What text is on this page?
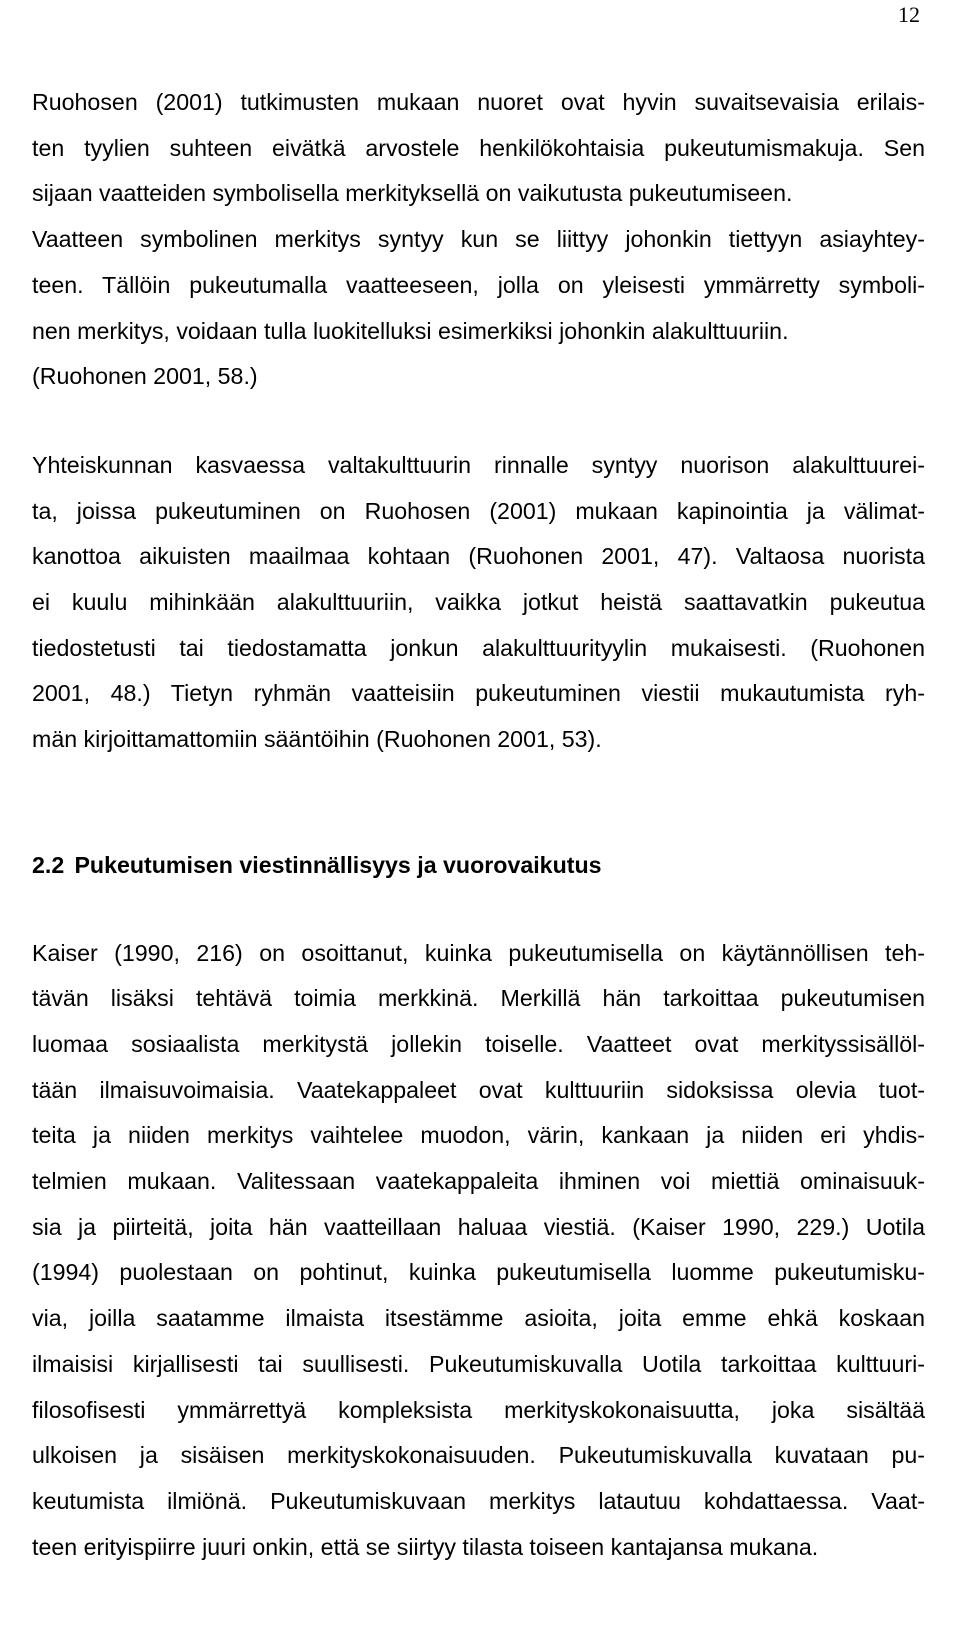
12
Ruohosen (2001) tutkimusten mukaan nuoret ovat hyvin suvaitsevaisia erilais-
ten tyylien suhteen eivätkä arvostele henkilökohtaisia pukeutumismakuja. Sen
sijaan vaatteiden symbolisella merkityksellä on vaikutusta pukeutumiseen.
Vaatteen symbolinen merkitys syntyy kun se liittyy johonkin tiettyyn asiayhtey-
teen. Tällöin pukeutumalla vaatteeseen, jolla on yleisesti ymmärretty symboli-
nen merkitys, voidaan tulla luokitelluksi esimerkiksi johonkin alakulttuuriin.
(Ruohonen 2001, 58.)
Yhteiskunnan kasvaessa valtakulttuurin rinnalle syntyy nuorison alakulttuurei-
ta, joissa pukeutuminen on Ruohosen (2001) mukaan kapinointia ja välimat-
kanottoa aikuisten maailmaa kohtaan (Ruohonen 2001, 47). Valtaosa nuorista
ei kuulu mihinkään alakulttuuriin, vaikka jotkut heistä saattavatkin pukeutua
tiedostetusti tai tiedostamatta jonkun alakulttuurityylin mukaisesti. (Ruohonen
2001, 48.) Tietyn ryhmän vaatteisiin pukeutuminen viestii mukautumista ryh-
män kirjoittamattomiin sääntöihin (Ruohonen 2001, 53).
2.2 Pukeutumisen viestinnällisyys ja vuorovaikutus
Kaiser (1990, 216) on osoittanut, kuinka pukeutumisella on käytännöllisen teh-
tävän lisäksi tehtävä toimia merkkinä. Merkillä hän tarkoittaa pukeutumisen
luomaa sosiaalista merkitystä jollekin toiselle. Vaatteet ovat merkityssisällöl-
tään ilmaisuvoimaisia. Vaatekappaleet ovat kulttuuriin sidoksissa olevia tuot-
teita ja niiden merkitys vaihtelee muodon, värin, kankaan ja niiden eri yhdis-
telmien mukaan. Valitessaan vaatekappaleita ihminen voi miettiä ominaisuuk-
sia ja piirteitä, joita hän vaatteillaan haluaa viestiä. (Kaiser 1990, 229.) Uotila
(1994) puolestaan on pohtinut, kuinka pukeutumisella luomme pukeutumisku-
via, joilla saatamme ilmaista itsestämme asioita, joita emme ehkä koskaan
ilmaisisi kirjallisesti tai suullisesti. Pukeutumiskuvalla Uotila tarkoittaa kulttuuri-
filosofisesti ymmärrettyä kompleksista merkityskokonaisuutta, joka sisältää
ulkoisen ja sisäisen merkityskokonaisuuden. Pukeutumiskuvalla kuvataan pu-
keutumista ilmiönä. Pukeutumiskuvaan merkitys latautuu kohdattaessa. Vaat-
teen erityispiirre juuri onkin, että se siirtyy tilasta toiseen kantajansa mukana.
